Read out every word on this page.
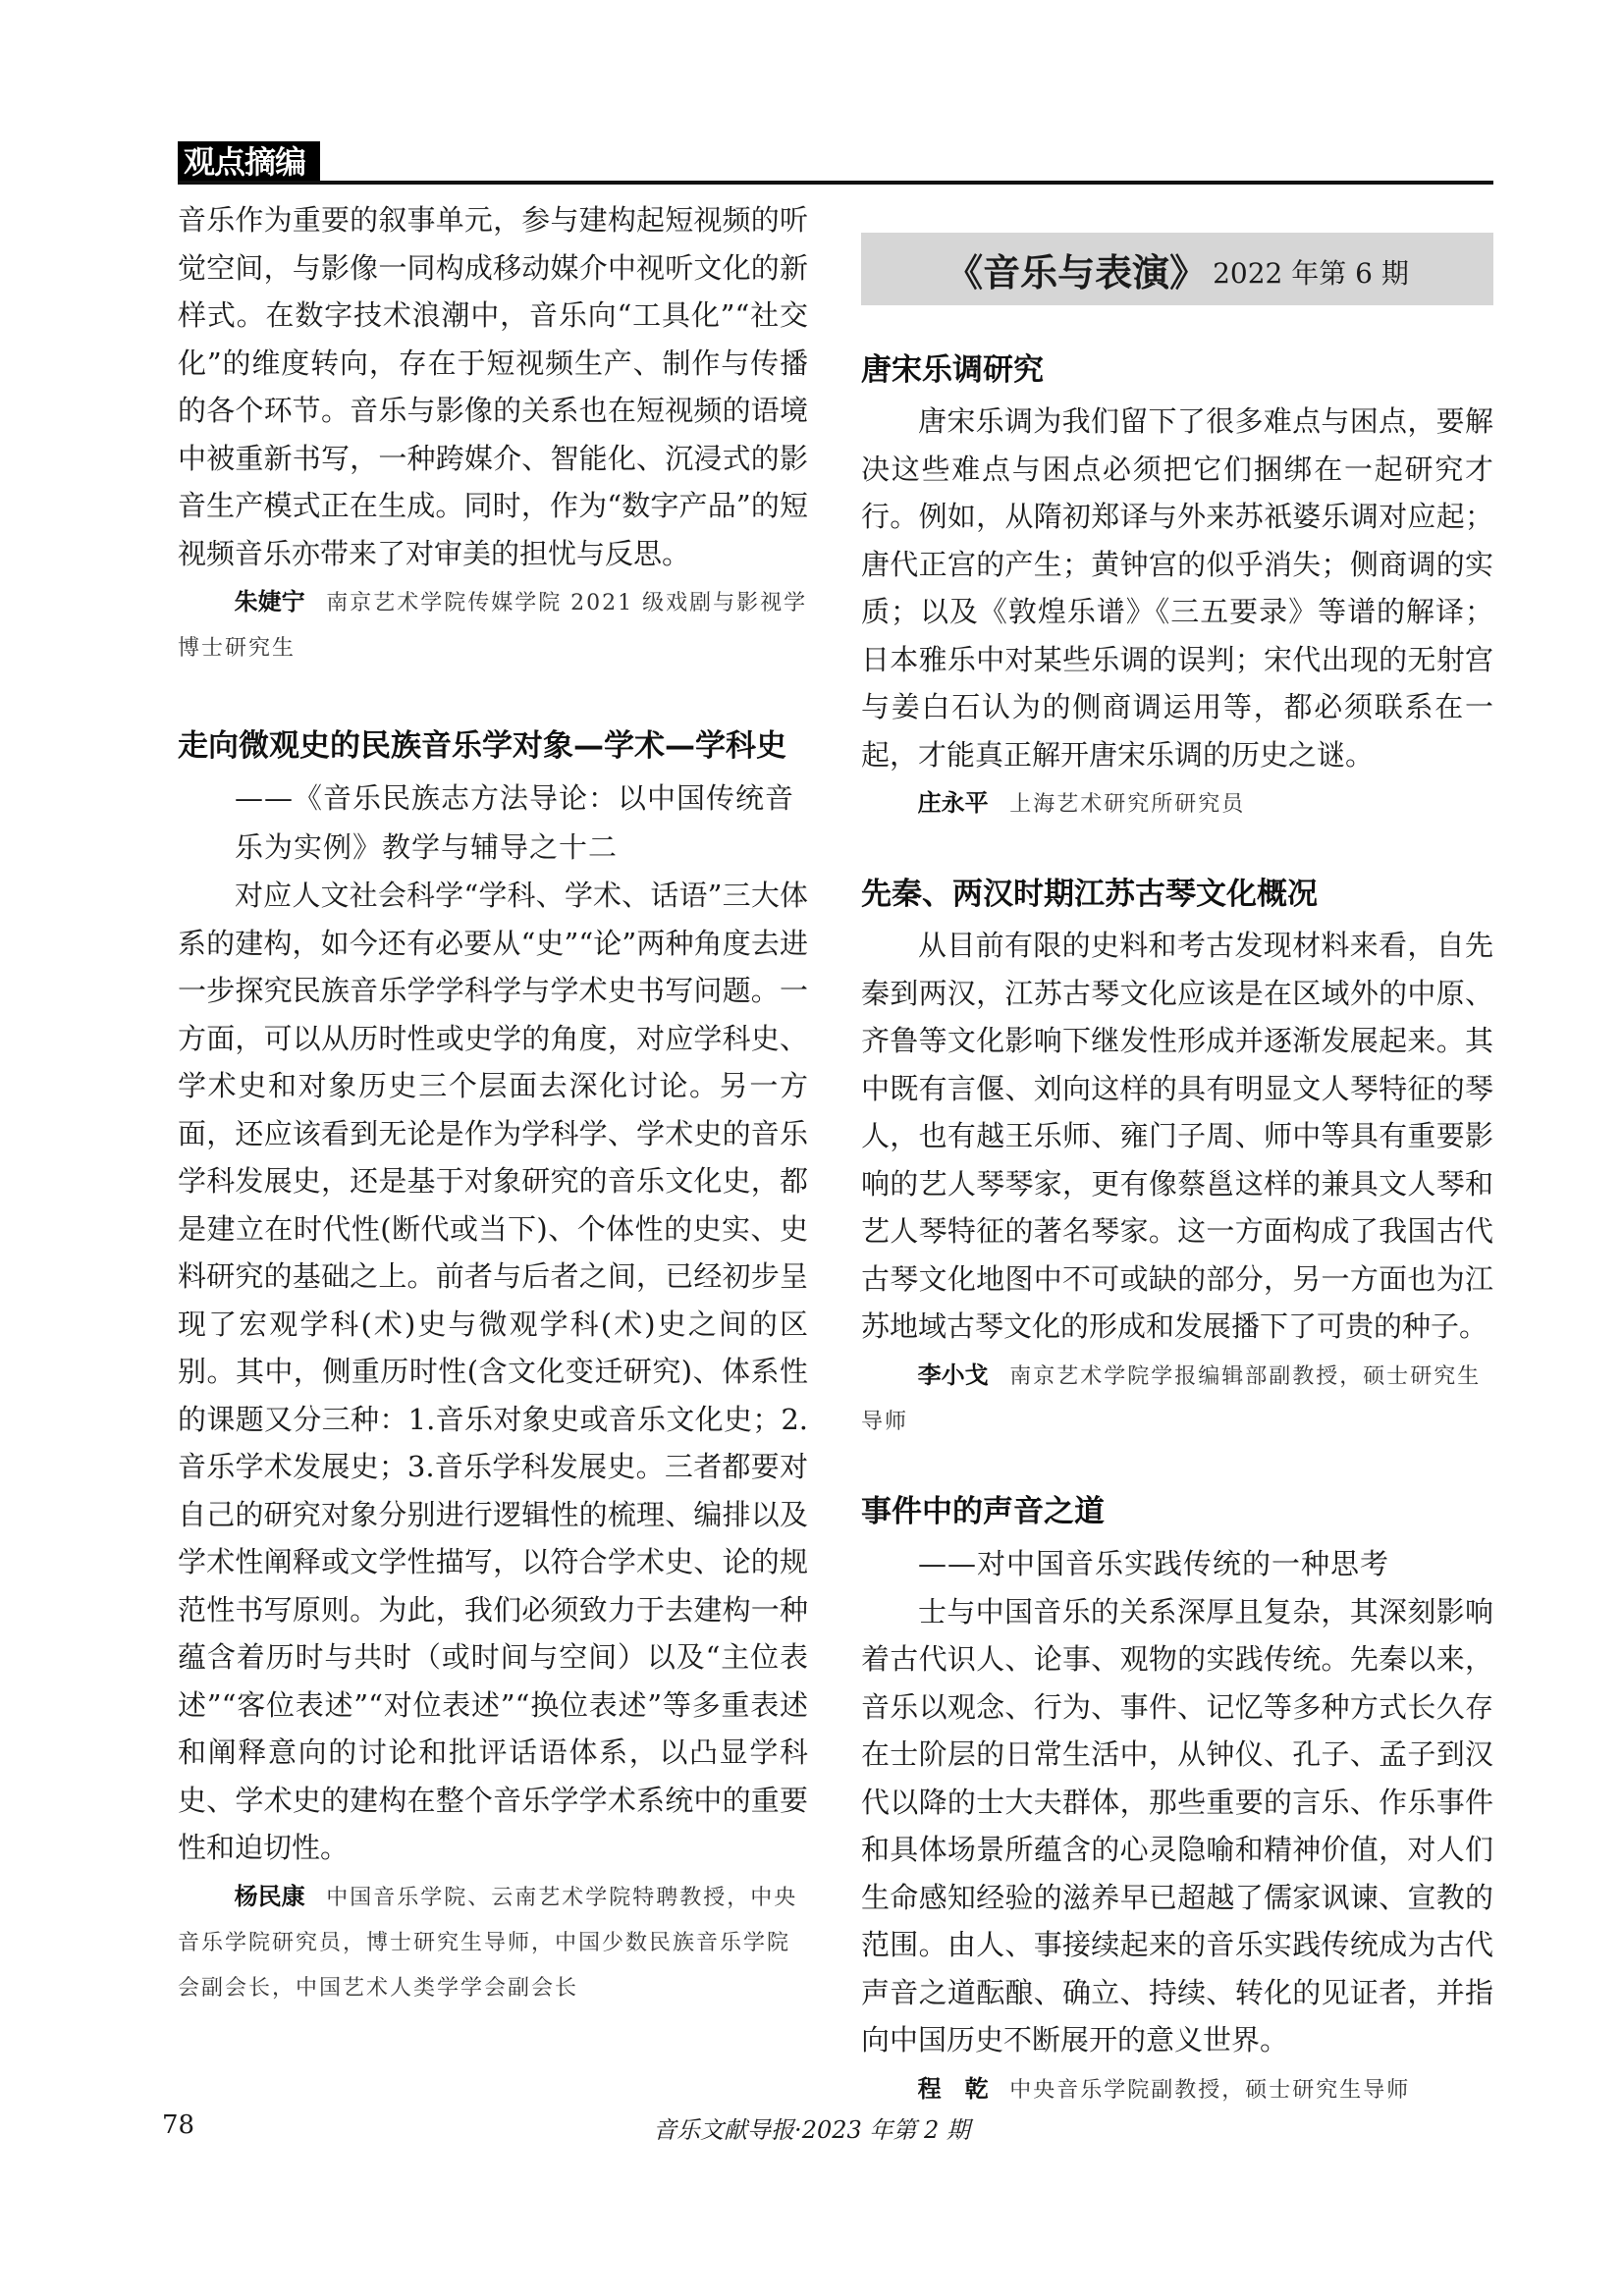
观点摘编

音乐作为重要的叙事单元，参与建构起短视频的听觉空间，与影像一同构成移动媒介中视听文化的新样式。在数字技术浪潮中，音乐向“工具化”“社交化”的维度转向，存在于短视频生产、制作与传播的各个环节。音乐与影像的关系也在短视频的语境中被重新书写，一种跨媒介、智能化、沉浸式的影音生产模式正在生成。同时，作为“数字产品”的短视频音乐亦带来了对审美的担忧与反思。

朱婕宁 南京艺术学院传媒学院 2021 级戏剧与影视学博士研究生
走向微观史的民族音乐学对象—学术—学科史
——《音乐民族志方法导论：以中国传统音乐为实例》教学与辅导之十二

对应人文社会科学“学科、学术、话语”三大体系的建构，如今还有必要从“史”“论”两种角度去进一步探究民族音乐学学科学与学术史书写问题。一方面，可以从历时性或史学的角度，对应学科史、学术史和对象历史三个层面去深化讨论。另一方面，还应该看到无论是作为学科学、学术史的音乐学科发展史，还是基于对象研究的音乐文化史，都是建立在时代性(断代或当下)、个体性的史实、史料研究的基础之上。前者与后者之间，已经初步呈现了宏观学科(术)史与微观学科(术)史之间的区别。其中，侧重历时性(含文化变迁研究)、体系性的课题又分三种：1.音乐对象史或音乐文化史；2. 音乐学术发展史；3.音乐学科发展史。三者都要对自己的研究对象分别进行逻辑性的梳理、编排以及学术性阐释或文学性描写，以符合学术史、论的规范性书写原则。为此，我们必须致力于去建构一种蕴含着历时与共时（或时间与空间）以及“主位表述”“客位表述”“对位表述”“换位表述”等多重表述和阐释意向的讨论和批评话语体系，以凸显学科史、学术史的建构在整个音乐学学术系统中的重要性和迫切性。

杨民康 中国音乐学院、云南艺术学院特聘教授，中央音乐学院研究员，博士研究生导师，中国少数民族音乐学院会副会长，中国艺术人类学学会副会长
《音乐与表演》 2022 年第 6 期
唐宋乐调研究

唐宋乐调为我们留下了很多难点与困点，要解决这些难点与困点必须把它们捆绑在一起研究才行。例如，从隋初郑译与外来苏祇婆乐调对应起；唐代正宫的产生；黄钟宫的似乎消失；侧商调的实质；以及《敦煌乐谱》《三五要录》等谱的解译；日本雅乐中对某些乐调的误判；宋代出现的无射宫与姜白石认为的侧商调运用等，都必须联系在一起，才能真正解开唐宋乐调的历史之谜。

庄永平 上海艺术研究所研究员
先秦、两汉时期江苏古琴文化概况

从目前有限的史料和考古发现材料来看，自先秦到两汉，江苏古琴文化应该是在区域外的中原、齐鲁等文化影响下继发性形成并逐渐发展起来。其中既有言偃、刘向这样的具有明显文人琴特征的琴人，也有越王乐师、雍门子周、师中等具有重要影响的艺人琴琴家，更有像蔡邕这样的兼具文人琴和艺人琴特征的著名琴家。这一方面构成了我国古代古琴文化地图中不可或缺的部分，另一方面也为江苏地域古琴文化的形成和发展播下了可贵的种子。

李小戈 南京艺术学院学报编辑部副教授，硕士研究生导师
事件中的声音之道
——对中国音乐实践传统的一种思考

士与中国音乐的关系深厚且复杂，其深刻影响着古代识人、论事、观物的实践传统。先秦以来，音乐以观念、行为、事件、记忆等多种方式长久存在士阶层的日常生活中，从钟仪、孔子、孟子到汉代以降的士大夫群体，那些重要的言乐、作乐事件和具体场景所蕴含的心灵隐喻和精神价值，对人们生命感知经验的滋养早已超越了儒家讽谏、宣教的范围。由人、事接续起来的音乐实践传统成为古代声音之道酝酿、确立、持续、转化的见证者，并指向中国历史不断展开的意义世界。

程　乾 中央音乐学院副教授，硕士研究生导师
78	音乐文献导报·2023 年第 2 期
